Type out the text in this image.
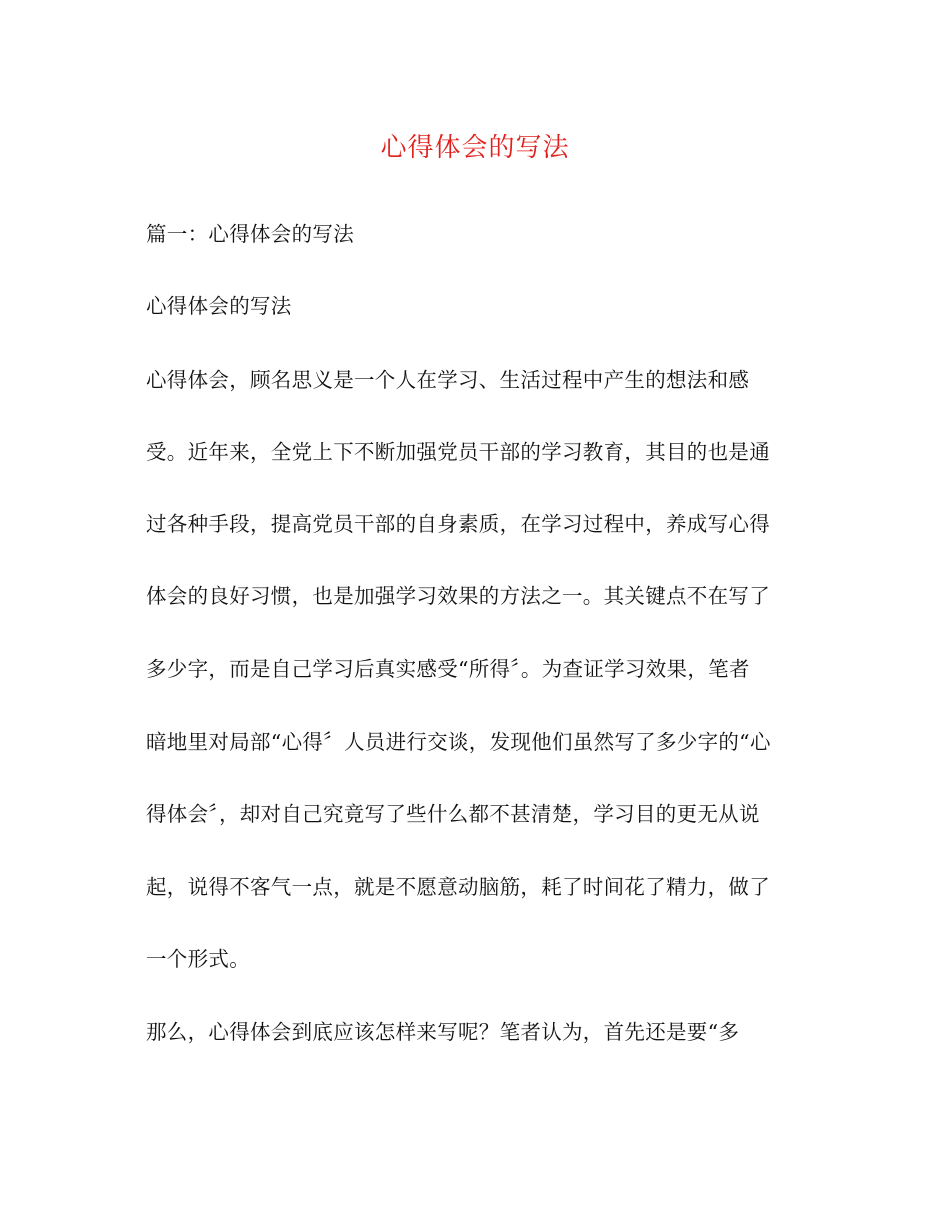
心得体会的写法
篇一：心得体会的写法
心得体会的写法
心得体会，顾名思义是一个人在学习、生活过程中产生的想法和感
受。近年来，全党上下不断加强党员干部的学习教育，其目的也是通
过各种手段，提高党员干部的自身素质，在学习过程中，养成写心得
体会的良好习惯，也是加强学习效果的方法之一。其关键点不在写了
多少字，而是自己学习后真实感受“所得〞。为查证学习效果，笔者
暗地里对局部“心得〞人员进行交谈，发现他们虽然写了多少字的“心
得体会〞，却对自己究竟写了些什么都不甚清楚，学习目的更无从说
起，说得不客气一点，就是不愿意动脑筋，耗了时间花了精力，做了
一个形式。
那么，心得体会到底应该怎样来写呢？笔者认为，首先还是要“多
